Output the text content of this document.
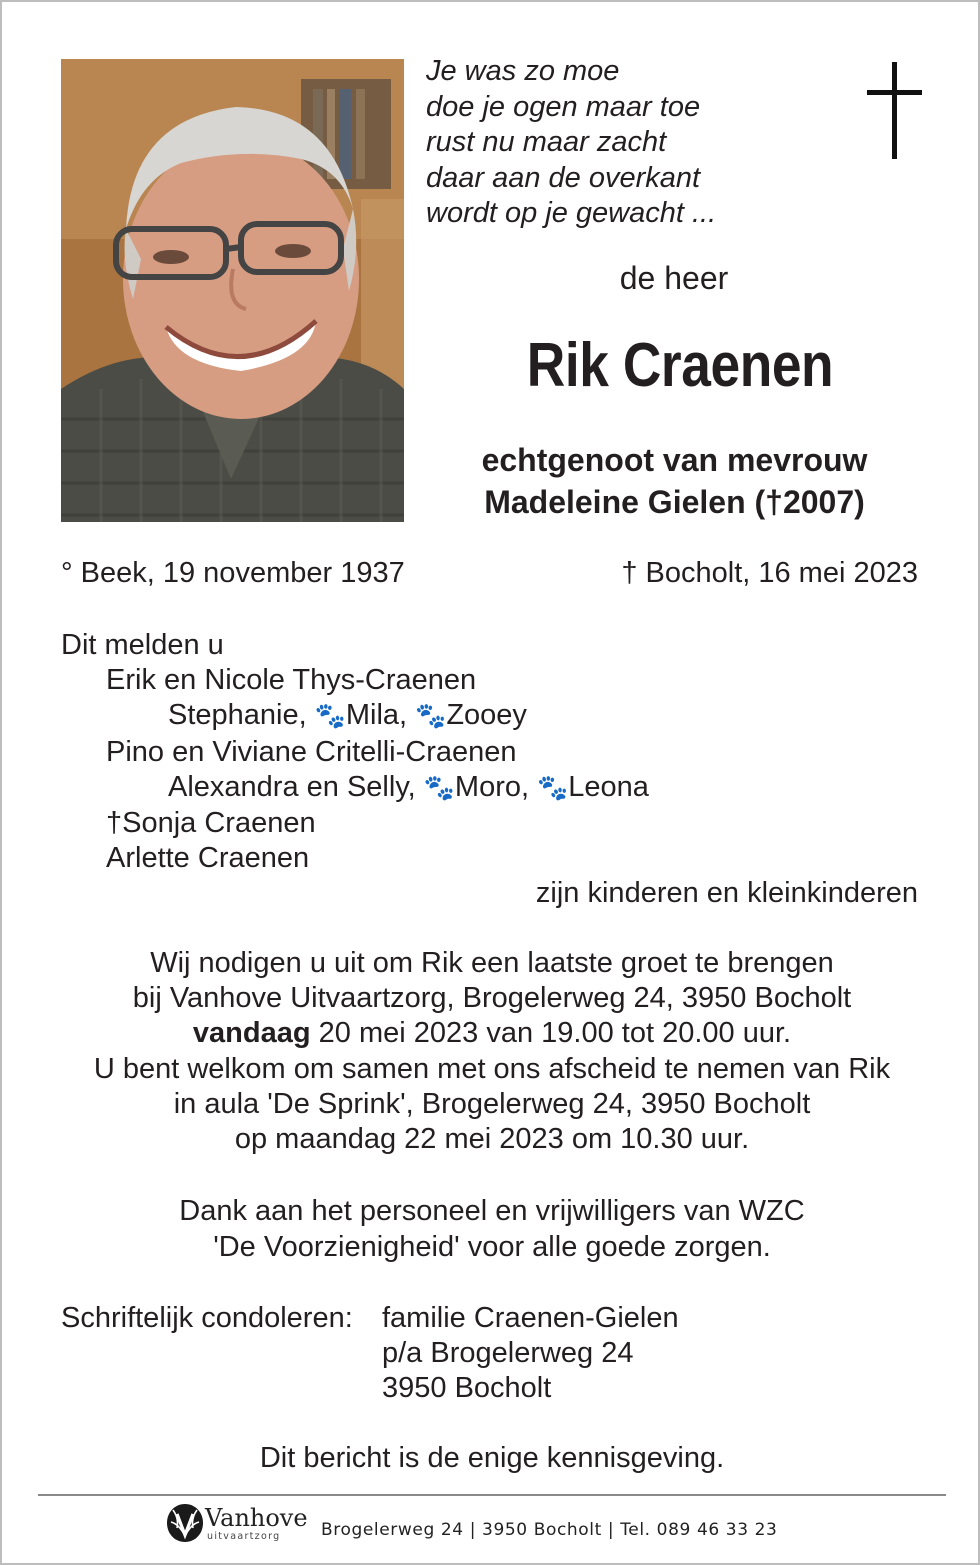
Je was zo moe
doe je ogen maar toe
rust nu maar zacht
daar aan de overkant
wordt op je gewacht ...
de heer
Rik Craenen
echtgenoot van mevrouw
Madeleine Gielen (†2007)
° Beek, 19 november 1937	† Bocholt, 16 mei 2023
Dit melden u
Erik en Nicole Thys-Craenen
Stephanie, 🐾Mila, 🐾Zooey
Pino en Viviane Critelli-Craenen
Alexandra en Selly, 🐾Moro, 🐾Leona
†Sonja Craenen
Arlette Craenen
zijn kinderen en kleinkinderen
Wij nodigen u uit om Rik een laatste groet te brengen
bij Vanhove Uitvaartzorg, Brogelerweg 24, 3950 Bocholt
vandaag 20 mei 2023 van 19.00 tot 20.00 uur.
U bent welkom om samen met ons afscheid te nemen van Rik
in aula 'De Sprink', Brogelerweg 24, 3950 Bocholt
op maandag 22 mei 2023 om 10.30 uur.
Dank aan het personeel en vrijwilligers van WZC
'De Voorzienigheid' voor alle goede zorgen.
Schriftelijk condoleren: familie Craenen-Gielen
p/a Brogelerweg 24
3950 Bocholt
Dit bericht is de enige kennisgeving.
Vanhove
uitvaartzorg Brogelerweg 24 | 3950 Bocholt | Tel. 089 46 33 23
